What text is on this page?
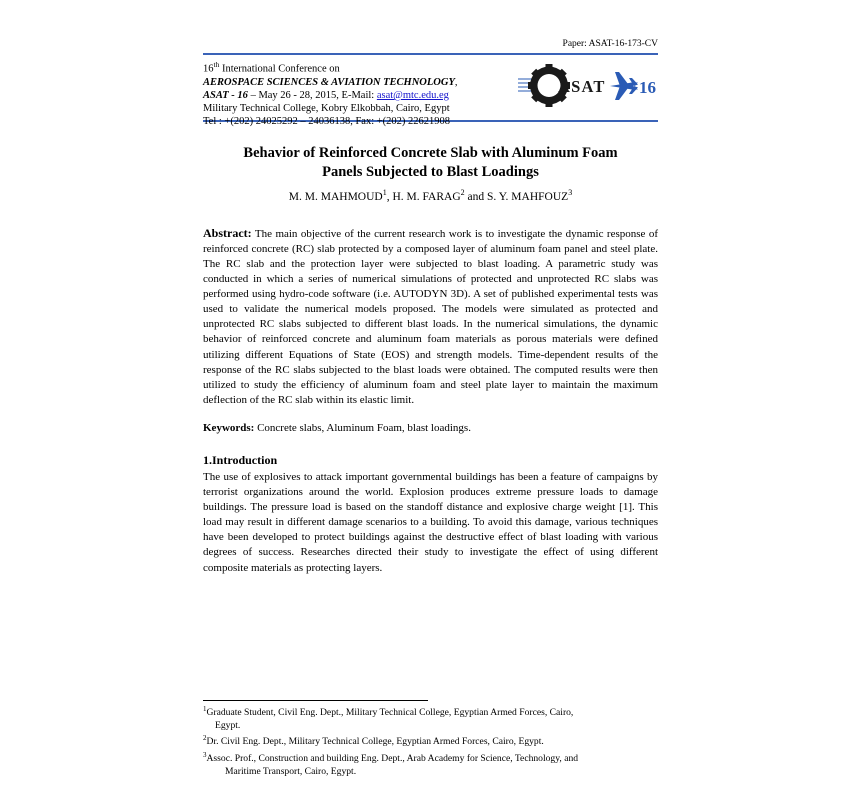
Paper: ASAT-16-173-CV
16th International Conference on
AEROSPACE SCIENCES & AVIATION TECHNOLOGY,
ASAT - 16 – May 26 - 28, 2015, E-Mail: asat@mtc.edu.eg
Military Technical College, Kobry Elkobbah, Cairo, Egypt
Tel : +(202) 24025292 – 24036138, Fax: +(202) 22621908
ASAT 16
Behavior of Reinforced Concrete Slab with Aluminum Foam
Panels Subjected to Blast Loadings
M. M. MAHMOUD$^1$, H. M. FARAG$^2$ and S. Y. MAHFOUZ$^3$
Abstract: The main objective of the current research work is to investigate the dynamic response of reinforced concrete (RC) slab protected by a composed layer of aluminum foam panel and steel plate. The RC slab and the protection layer were subjected to blast loading. A parametric study was conducted in which a series of numerical simulations of protected and unprotected RC slabs was performed using hydro-code software (i.e. AUTODYN 3D). A set of published experimental tests was used to validate the numerical models proposed. The models were simulated as protected and unprotected RC slabs subjected to different blast loads. In the numerical simulations, the dynamic behavior of reinforced concrete and aluminum foam materials as porous materials were defined utilizing different Equations of State (EOS) and strength models. Time-dependent results of the response of the RC slabs subjected to the blast loads were obtained. The computed results were then utilized to study the efficiency of aluminum foam and steel plate layer to maintain the maximum deflection of the RC slab within its elastic limit.
Keywords: Concrete slabs, Aluminum Foam, blast loadings.
1.Introduction
The use of explosives to attack important governmental buildings has been a feature of campaigns by terrorist organizations around the world. Explosion produces extreme pressure loads to damage buildings. The pressure load is based on the standoff distance and explosive charge weight [1]. This load may result in different damage scenarios to a building. To avoid this damage, various techniques have been developed to protect buildings against the destructive effect of blast loading with various degrees of success. Researches directed their study to investigate the effect of using different composite materials as protecting layers.
$^1$Graduate Student, Civil Eng. Dept., Military Technical College, Egyptian Armed Forces, Cairo,
Egypt.
$^2$Dr. Civil Eng. Dept., Military Technical College, Egyptian Armed Forces, Cairo, Egypt.
$^3$Assoc. Prof., Construction and building Eng. Dept., Arab Academy for Science, Technology, and
Maritime Transport, Cairo, Egypt.
